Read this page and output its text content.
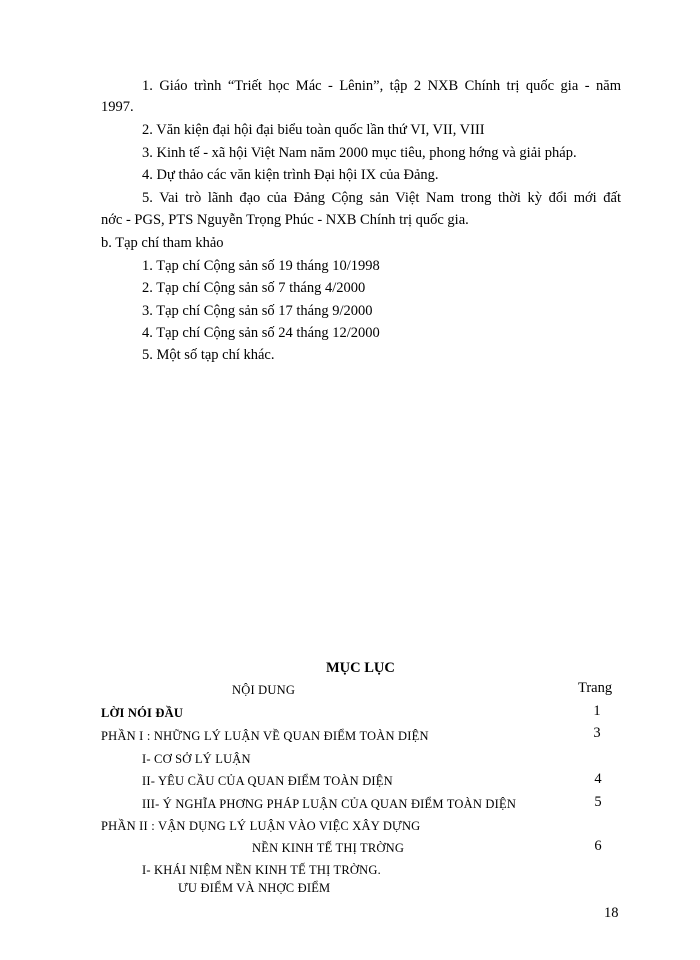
1. Giáo trình “Triết học Mác - Lênin”, tập 2 NXB Chính trị quốc gia - năm
1997.
2. Văn kiện đại hội đại biểu toàn quốc lần thứ VI, VII, VIII
3. Kinh tế - xã hội Việt Nam năm 2000 mục tiêu, phong hớng và giải pháp.
4. Dự thảo các văn kiện trình Đại hội IX của Đảng.
5. Vai trò lãnh đạo của Đảng Cộng sản Việt Nam trong thời kỳ đổi mới đất
nớc - PGS, PTS Nguyễn Trọng Phúc - NXB Chính trị quốc gia.
b. Tạp chí tham khảo
1. Tạp chí Cộng sản số 19 tháng 10/1998
2. Tạp chí Cộng sản số 7 tháng 4/2000
3. Tạp chí Cộng sản số 17 tháng 9/2000
4. Tạp chí Cộng sản số 24 tháng 12/2000
5. Một số tạp chí khác.
MỤC LỤC
NỘI DUNG	Trang
LỜI NÓI ĐẦU	1
PHẦN I : NHỮNG LÝ LUẬN VỀ QUAN ĐIỂM TOÀN DIỆN	3
I- CƠ SỞ LÝ LUẬN
II- YÊU CẦU CỦA QUAN ĐIỂM TOÀN DIỆN	4
III- Ý NGHĨA PHƠNG PHÁP LUẬN CỦA QUAN ĐIỂM TOÀN DIỆN	5
PHẦN II : VẬN DỤNG LÝ LUẬN VÀO VIỆC XÂY DỰNG
NỀN KINH TẾ THỊ TRỜNG	6
I- KHÁI NIỆM NỀN KINH TẾ THỊ TRỜNG.
ƯU ĐIỂM VÀ NHỢC ĐIỂM
18
